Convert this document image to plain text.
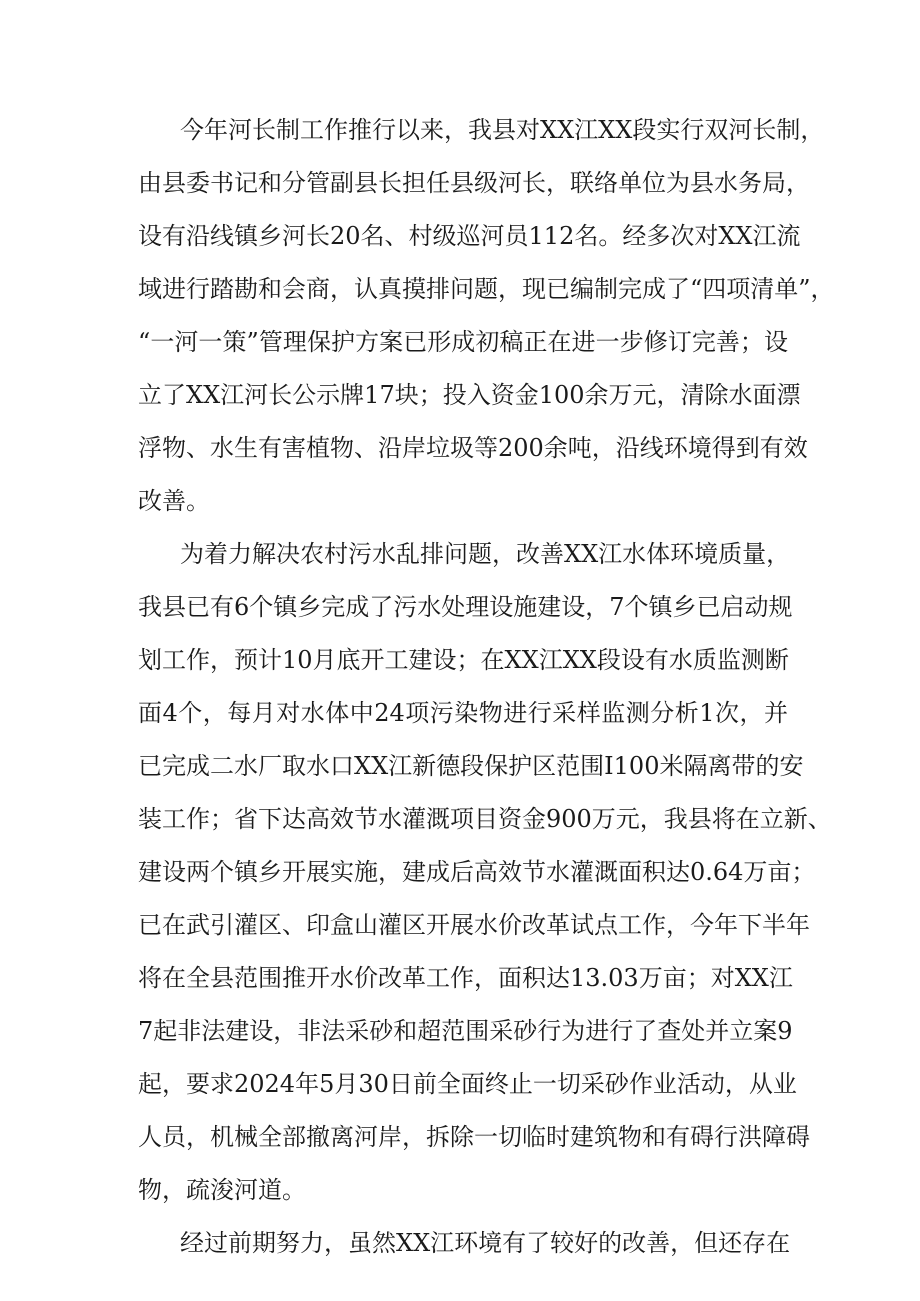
今年河长制工作推行以来，我县对XX江XX段实行双河长制，
由县委书记和分管副县长担任县级河长，联络单位为县水务局，
设有沿线镇乡河长20名、村级巡河员112名。经多次对XX江流
域进行踏勘和会商，认真摸排问题，现已编制完成了“四项清单”，
“一河一策”管理保护方案已形成初稿正在进一步修订完善；设
立了XX江河长公示牌17块；投入资金100余万元，清除水面漂
浮物、水生有害植物、沿岸垃圾等200余吨，沿线环境得到有效
改善。
为着力解决农村污水乱排问题，改善XX江水体环境质量，
我县已有6个镇乡完成了污水处理设施建设，7个镇乡已启动规
划工作，预计10月底开工建设；在XX江XX段设有水质监测断
面4个，每月对水体中24项污染物进行采样监测分析1次，并
已完成二水厂取水口XX江新德段保护区范围I100米隔离带的安
装工作；省下达高效节水灌溉项目资金900万元，我县将在立新、
建设两个镇乡开展实施，建成后高效节水灌溉面积达0.64万亩；
已在武引灌区、印盒山灌区开展水价改革试点工作，今年下半年
将在全县范围推开水价改革工作，面积达13.03万亩；对XX江
7起非法建设，非法采砂和超范围采砂行为进行了查处并立案9
起，要求2024年5月30日前全面终止一切采砂作业活动，从业
人员，机械全部撤离河岸，拆除一切临时建筑物和有碍行洪障碍
物，疏浚河道。
经过前期努力，虽然XX江环境有了较好的改善，但还存在
